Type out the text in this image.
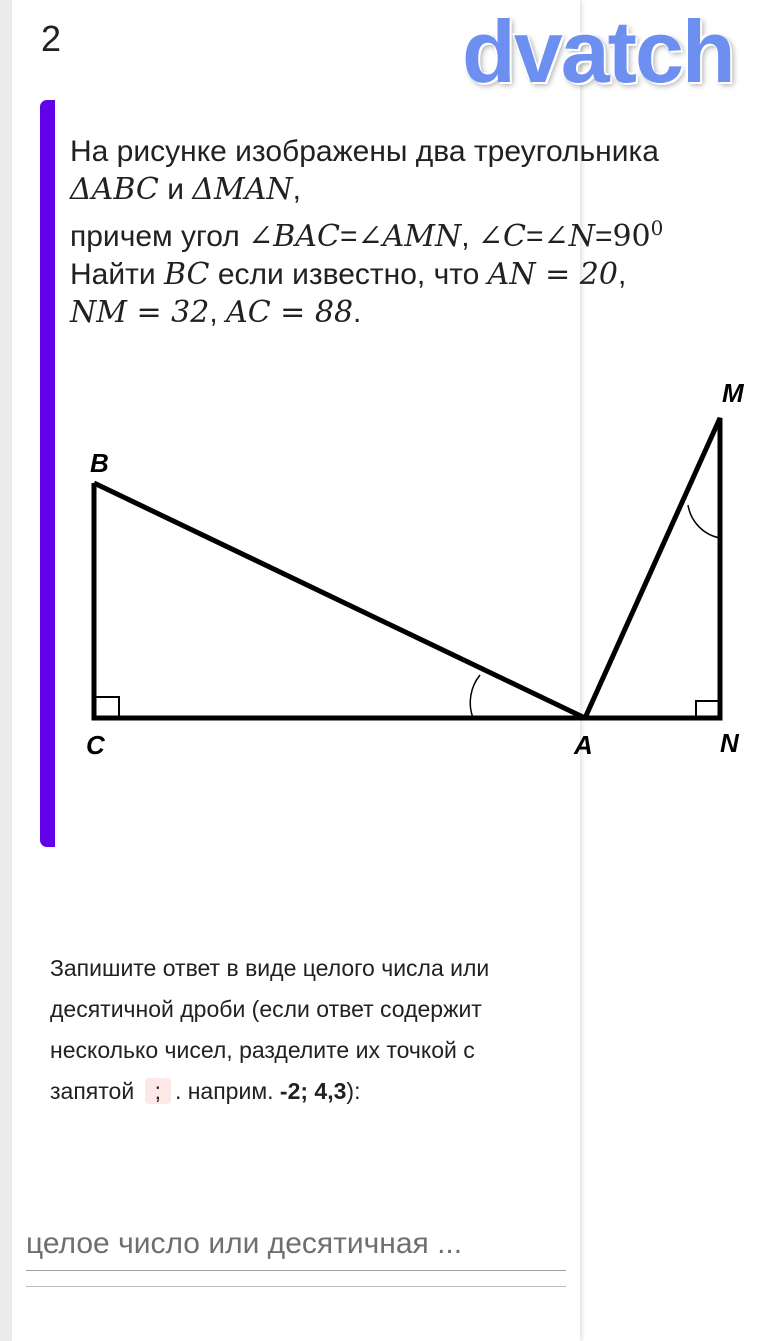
2	dvatch
На рисунке изображены два треугольника
ΔABC и ΔMAN,
причем угол ∠BAC=∠AMN, $\angle C=\angle N=90^0$
Найти BC если известно, что AN = 20,
NM = 32, AC = 88.
B
C	A
M
N
Запишите ответ в виде целого числа или десятичной дроби (если ответ содержит несколько чисел, разделите их точкой с запятой ; . наприм. -2; 4,3):
целое число или десятичная ...
